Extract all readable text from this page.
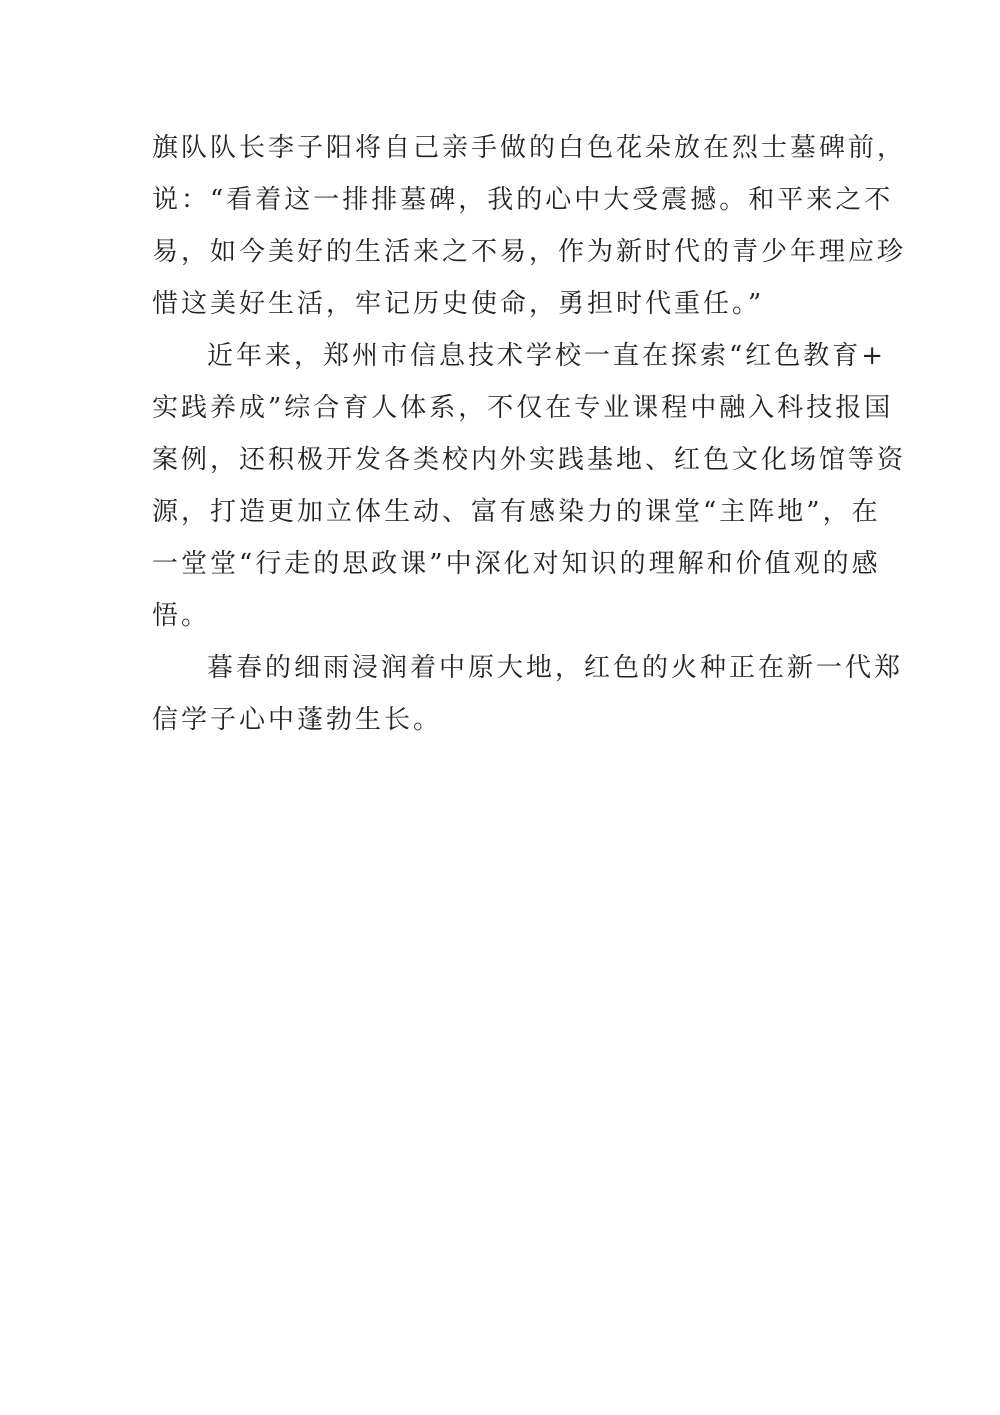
旗队队长李子阳将自己亲手做的白色花朵放在烈士墓碑前，
说：“看着这一排排墓碑，我的心中大受震撼。和平来之不
易，如今美好的生活来之不易，作为新时代的青少年理应珍
惜这美好生活，牢记历史使命，勇担时代重任。”
近年来，郑州市信息技术学校一直在探索“红色教育+
实践养成”综合育人体系，不仅在专业课程中融入科技报国
案例，还积极开发各类校内外实践基地、红色文化场馆等资
源，打造更加立体生动、富有感染力的课堂“主阵地”，在
一堂堂“行走的思政课”中深化对知识的理解和价值观的感
悟。
暮春的细雨浸润着中原大地，红色的火种正在新一代郑
信学子心中蓬勃生长。
